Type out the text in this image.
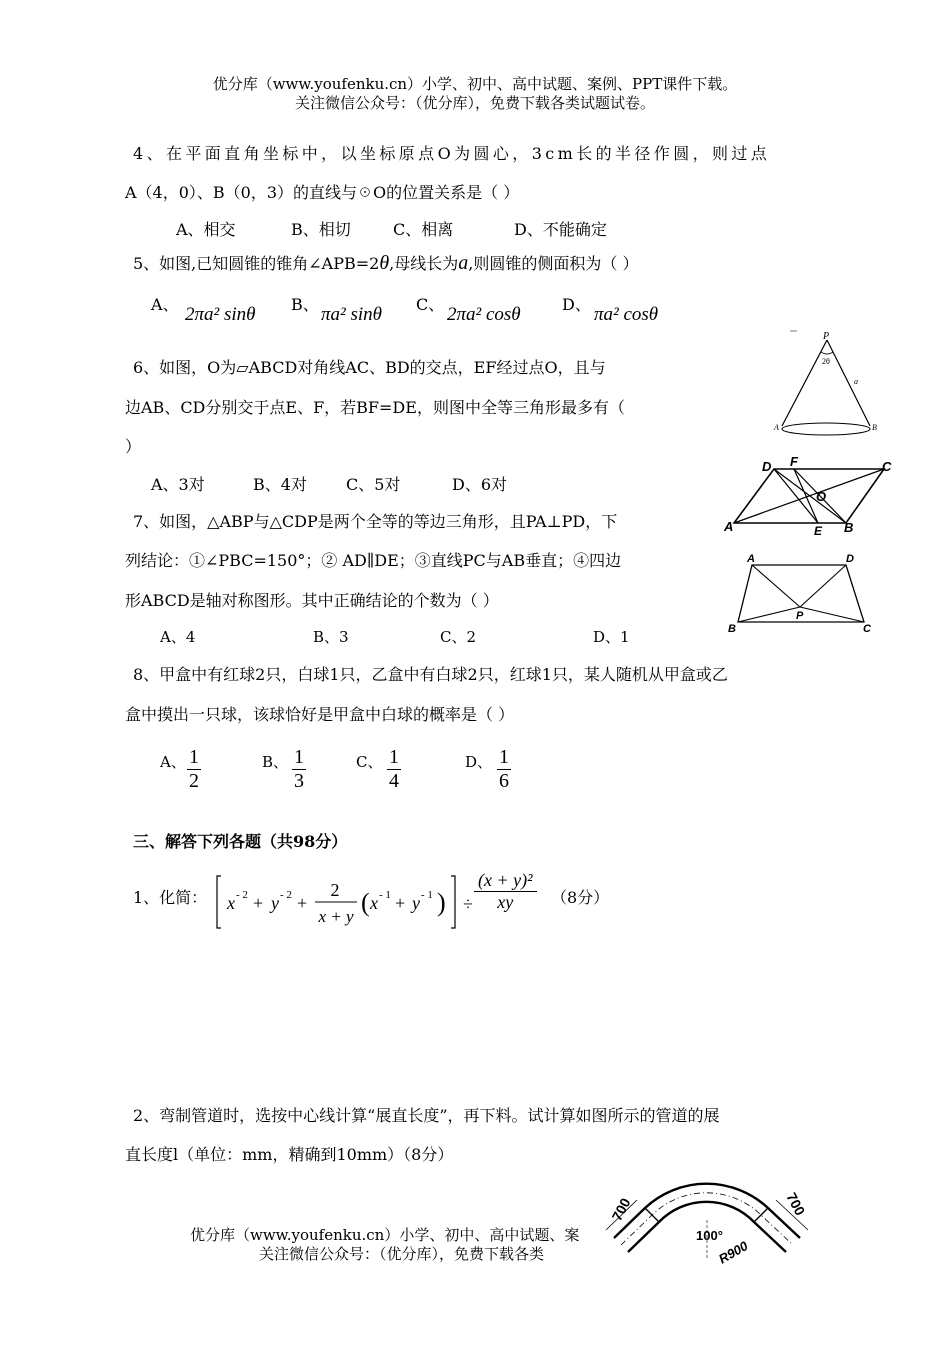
优分库（www.youfenku.cn）小学、初中、高中试题、案例、PPT课件下载。
关注微信公众号：（优分库），免费下载各类试题试卷。
4、在平面直角坐标中，以坐标原点O为圆心，3cm长的半径作圆，则过点
A（4，0）、B（0，3）的直线与☉O的位置关系是（ ）
A、相交	B、相切	C、相离	D、不能确定
5、如图,已知圆锥的锥角∠APB=2θ,母线长为a,则圆锥的侧面积为（ ）
A、	B、	C、	D、
2πa² sinθ	πa² sinθ	2πa² cosθ	πa² cosθ
6、如图，O为▱ABCD对角线AC、BD的交点，EF经过点O，且与
边AB、CD分别交于点E、F，若BF=DE，则图中全等三角形最多有（
）
A、3对	B、4对 C、5对	D、6对
7、如图，△ABP与△CDP是两个全等的等边三角形，且PA⊥PD，下
列结论：①∠PBC=150°；② AD∥DE；③直线PC与AB垂直；④四边
形ABCD是轴对称图形。其中正确结论的个数为（ ）
A、4	B、3	C、2	D、1
8、甲盒中有红球2只，白球1只，乙盒中有白球2只，红球1只，某人随机从甲盒或乙
盒中摸出一只球，该球恰好是甲盒中白球的概率是（ ）
A、 $\frac{1}{2}$	B、 $\frac{1}{3}$	C、 $\frac{1}{4}$	D、 $\frac{1}{6}$
三、解答下列各题（共98分）
1、化简： x - 2 + y - 2 +
2
x + y ( x - 1 + y - 1 ) ÷ $\frac{\text{(x + y)²}}{xy} (8$分）
2、弯制管道时，选按中心线计算“展直长度”，再下料。试计算如图所示的管道的展
直长度l（单位：mm，精确到10mm）（8分）
优分库（www.youfenku.cn）小学、初中、高中试题、案
关注微信公众号：（优分库），免费下载各类
P
2θ
a
A	B
D F	C
O
A	E B
A	D
P
B	C
700
100°
R900
700
